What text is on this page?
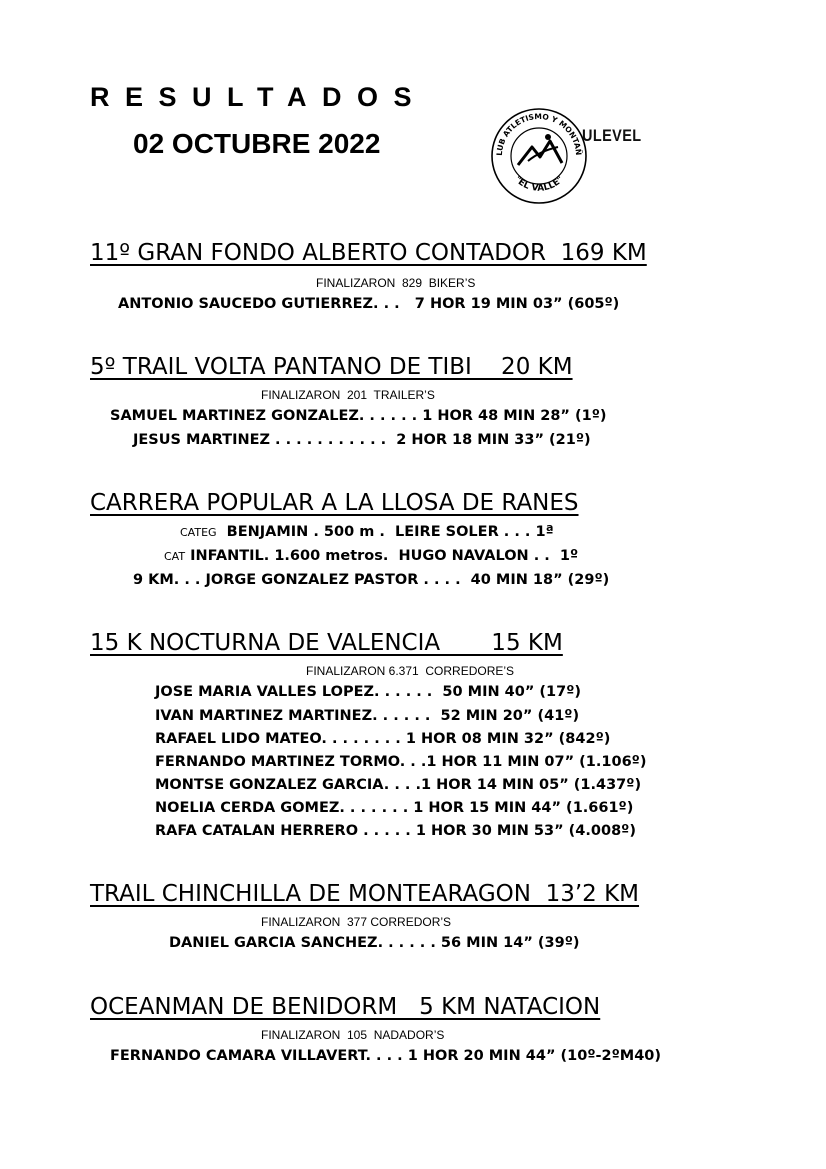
RESULTADOS
02 OCTUBRE 2022

	LUB ATLETISMO Y MONTAÑ
"EL VALLE"

ULEVEL
11º GRAN FONDO ALBERTO CONTADOR  169 KM
FINALIZARON  829  BIKER’S
ANTONIO SAUCEDO GUTIERREZ. . .   7 HOR 19 MIN 03” (605º)
5º TRAIL VOLTA PANTANO DE TIBI    20 KM
FINALIZARON  201  TRAILER’S
SAMUEL MARTINEZ GONZALEZ. . . . . . 1 HOR 48 MIN 28” (1º)
JESUS MARTINEZ . . . . . . . . . . .  2 HOR 18 MIN 33” (21º)
CARRERA POPULAR A LA LLOSA DE RANES
CATEG  BENJAMIN . 500 m .  LEIRE SOLER . . . 1ª
CAT INFANTIL. 1.600 metros.  HUGO NAVALON . .  1º
9 KM. . . JORGE GONZALEZ PASTOR . . . .  40 MIN 18” (29º)
15 K NOCTURNA DE VALENCIA       15 KM
FINALIZARON 6.371  CORREDORE’S
JOSE MARIA VALLES LOPEZ. . . . . .  50 MIN 40” (17º)
IVAN MARTINEZ MARTINEZ. . . . . .  52 MIN 20” (41º)
RAFAEL LIDO MATEO. . . . . . . . 1 HOR 08 MIN 32” (842º)
FERNANDO MARTINEZ TORMO. . .1 HOR 11 MIN 07” (1.106º)
MONTSE GONZALEZ GARCIA. . . .1 HOR 14 MIN 05” (1.437º)
NOELIA CERDA GOMEZ. . . . . . . 1 HOR 15 MIN 44” (1.661º)
RAFA CATALAN HERRERO . . . . . 1 HOR 30 MIN 53” (4.008º)
TRAIL CHINCHILLA DE MONTEARAGON  13’2 KM
FINALIZARON  377 CORREDOR’S
DANIEL GARCIA SANCHEZ. . . . . . 56 MIN 14” (39º)
OCEANMAN DE BENIDORM   5 KM NATACION
FINALIZARON  105  NADADOR’S
FERNANDO CAMARA VILLAVERT. . . . 1 HOR 20 MIN 44” (10º-2ºM40)
